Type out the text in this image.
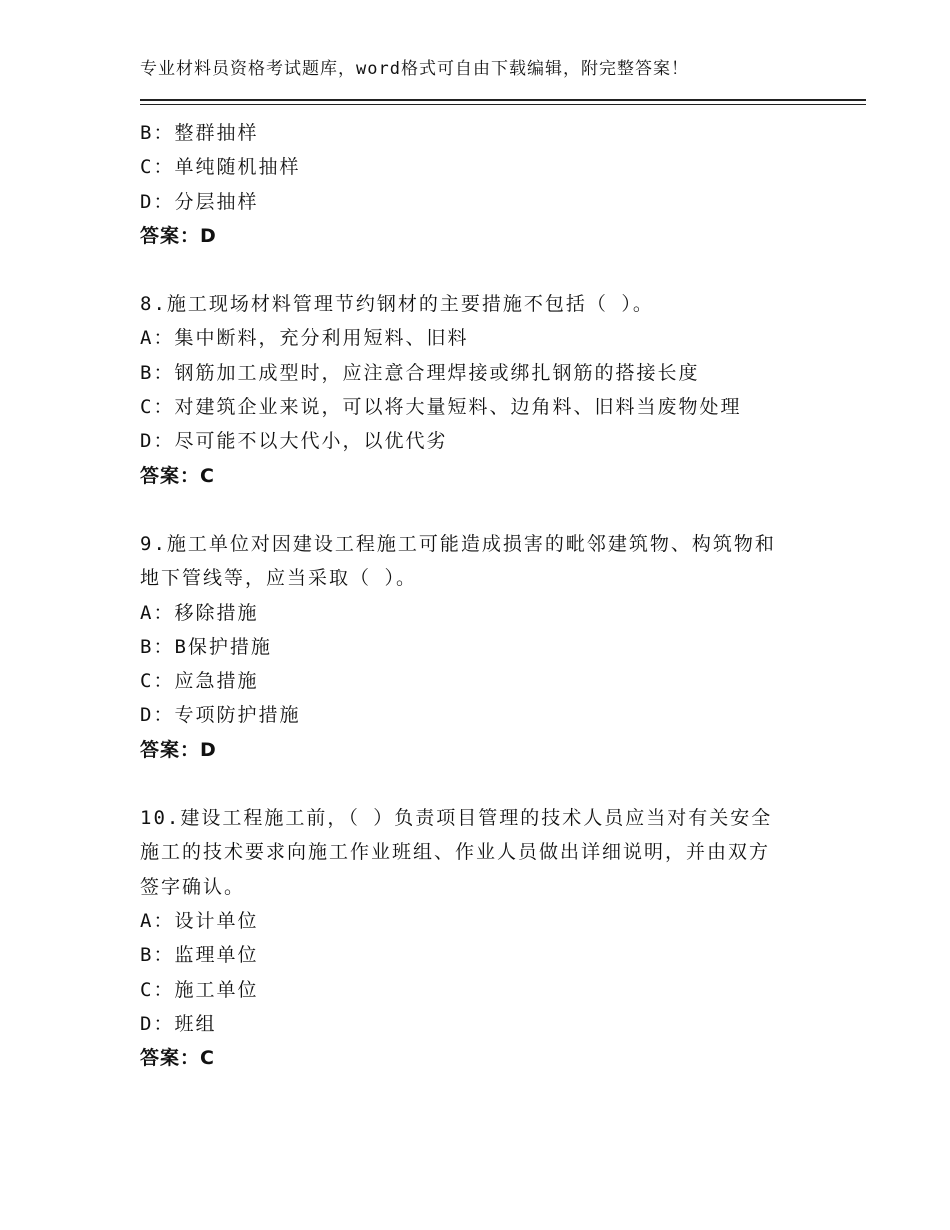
专业材料员资格考试题库，word格式可自由下载编辑，附完整答案！
B：整群抽样
C：单纯随机抽样
D：分层抽样
答案：D
8.施工现场材料管理节约钢材的主要措施不包括（ ）。
A：集中断料，充分利用短料、旧料
B：钢筋加工成型时，应注意合理焊接或绑扎钢筋的搭接长度
C：对建筑企业来说，可以将大量短料、边角料、旧料当废物处理
D：尽可能不以大代小，以优代劣
答案：C
9.施工单位对因建设工程施工可能造成损害的毗邻建筑物、构筑物和
地下管线等，应当采取（ ）。
A：移除措施
B：B保护措施
C：应急措施
D：专项防护措施
答案：D
10.建设工程施工前，（ ）负责项目管理的技术人员应当对有关安全
施工的技术要求向施工作业班组、作业人员做出详细说明，并由双方
签字确认。
A：设计单位
B：监理单位
C：施工单位
D：班组
答案：C
